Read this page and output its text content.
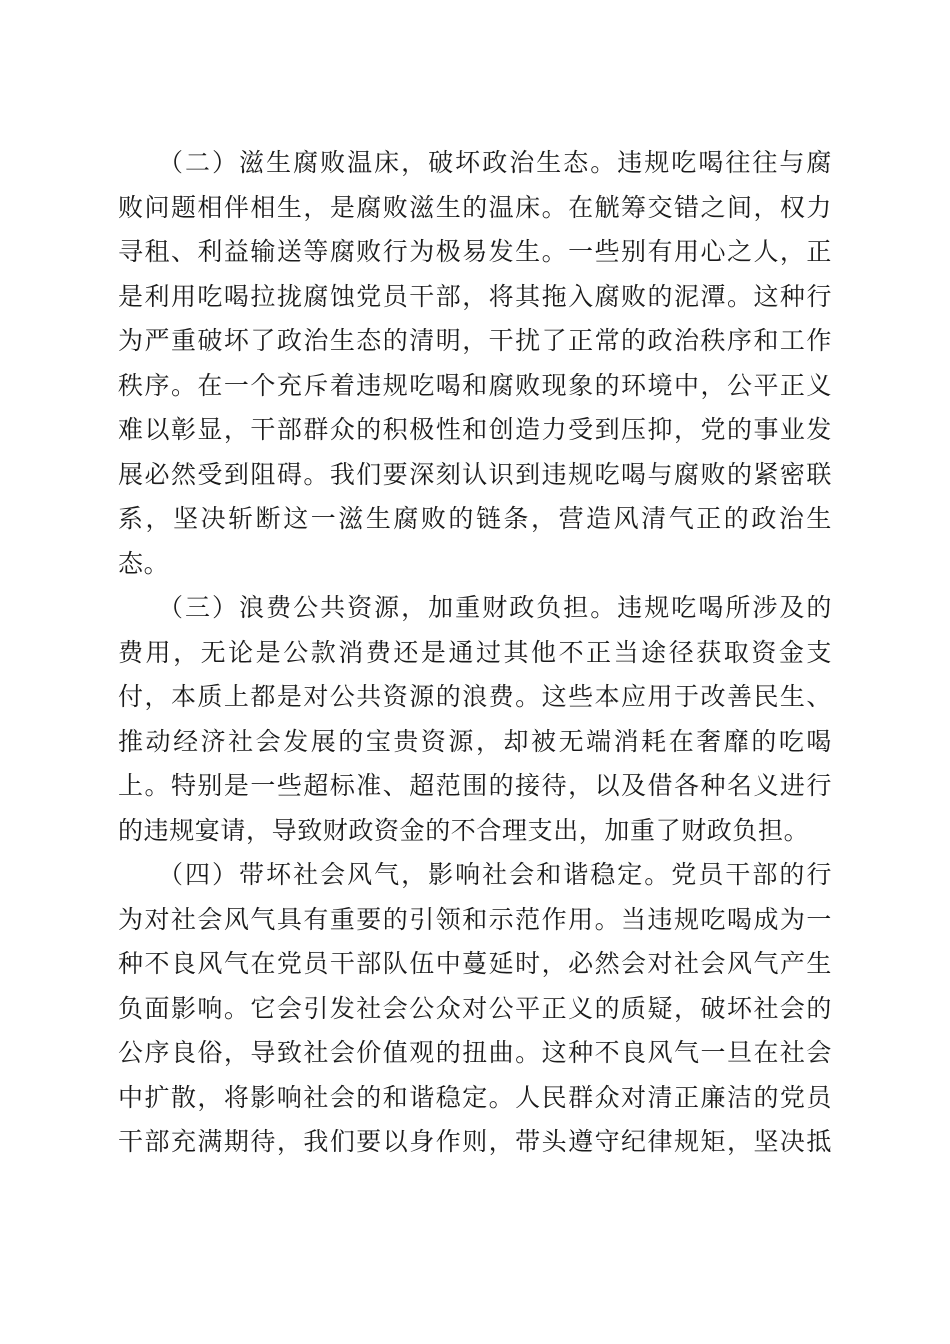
（二）滋生腐败温床，破坏政治生态。违规吃喝往往与腐
败问题相伴相生，是腐败滋生的温床。在觥筹交错之间，权力
寻租、利益输送等腐败行为极易发生。一些别有用心之人，正
是利用吃喝拉拢腐蚀党员干部，将其拖入腐败的泥潭。这种行
为严重破坏了政治生态的清明，干扰了正常的政治秩序和工作
秩序。在一个充斥着违规吃喝和腐败现象的环境中，公平正义
难以彰显，干部群众的积极性和创造力受到压抑，党的事业发
展必然受到阻碍。我们要深刻认识到违规吃喝与腐败的紧密联
系，坚决斩断这一滋生腐败的链条，营造风清气正的政治生
态。
（三）浪费公共资源，加重财政负担。违规吃喝所涉及的
费用，无论是公款消费还是通过其他不正当途径获取资金支
付，本质上都是对公共资源的浪费。这些本应用于改善民生、
推动经济社会发展的宝贵资源，却被无端消耗在奢靡的吃喝
上。特别是一些超标准、超范围的接待，以及借各种名义进行
的违规宴请，导致财政资金的不合理支出，加重了财政负担。
（四）带坏社会风气，影响社会和谐稳定。党员干部的行
为对社会风气具有重要的引领和示范作用。当违规吃喝成为一
种不良风气在党员干部队伍中蔓延时，必然会对社会风气产生
负面影响。它会引发社会公众对公平正义的质疑，破坏社会的
公序良俗，导致社会价值观的扭曲。这种不良风气一旦在社会
中扩散，将影响社会的和谐稳定。人民群众对清正廉洁的党员
干部充满期待，我们要以身作则，带头遵守纪律规矩，坚决抵
